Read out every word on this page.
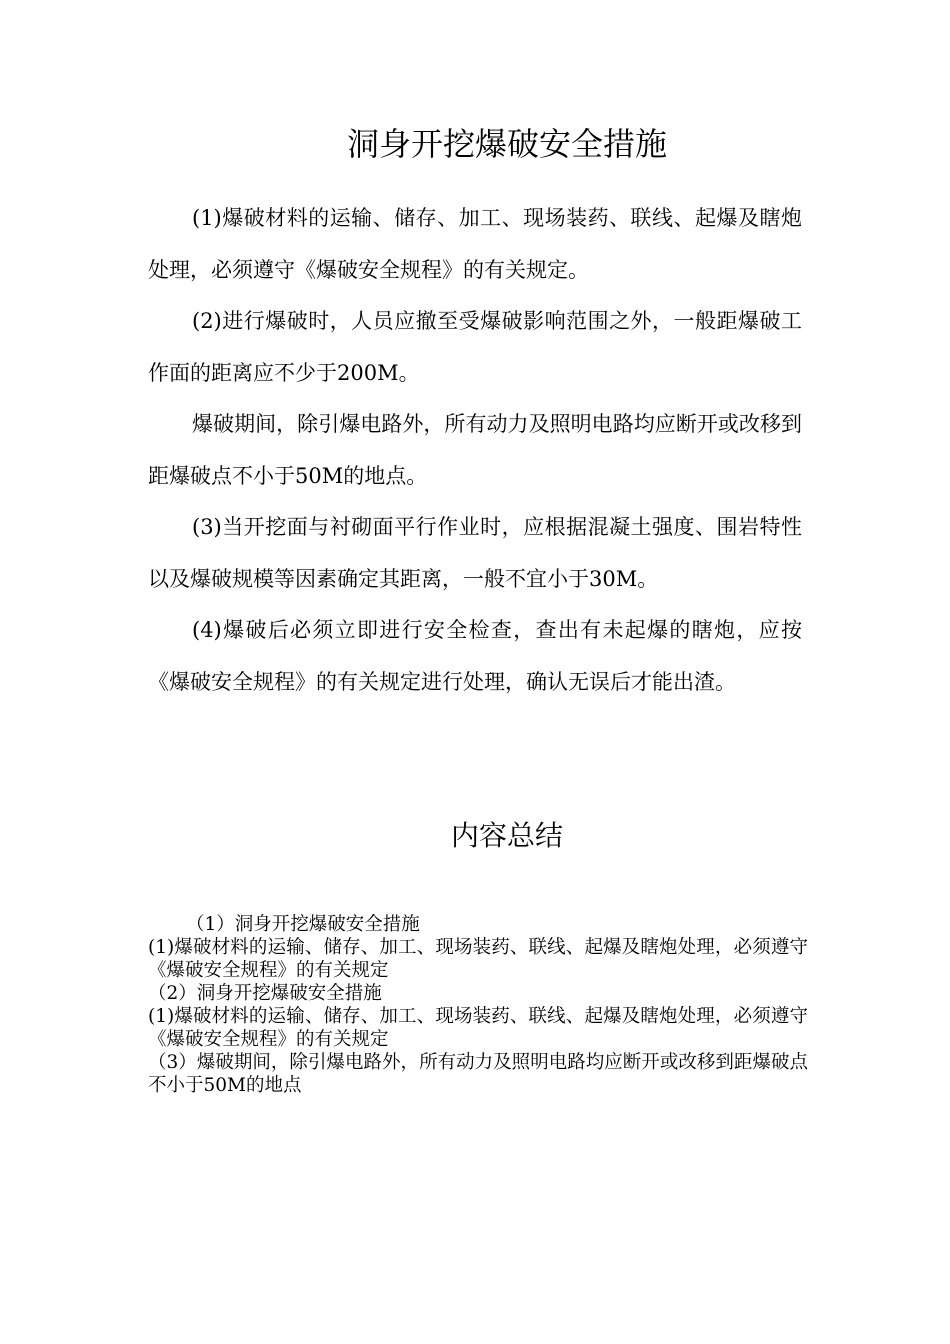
洞身开挖爆破安全措施

(1)爆破材料的运输、储存、加工、现场装药、联线、起爆及瞎炮处理，必须遵守《爆破安全规程》的有关规定。

(2)进行爆破时，人员应撤至受爆破影响范围之外，一般距爆破工作面的距离应不少于200M。

爆破期间，除引爆电路外，所有动力及照明电路均应断开或改移到距爆破点不小于50M的地点。

(3)当开挖面与衬砌面平行作业时，应根据混凝土强度、围岩特性以及爆破规模等因素确定其距离，一般不宜小于30M。

(4)爆破后必须立即进行安全检查，查出有未起爆的瞎炮，应按《爆破安全规程》的有关规定进行处理，确认无误后才能出渣。

内容总结

（1）洞身开挖爆破安全措施

(1)爆破材料的运输、储存、加工、现场装药、联线、起爆及瞎炮处理，必须遵守《爆破安全规程》的有关规定

（2）洞身开挖爆破安全措施

(1)爆破材料的运输、储存、加工、现场装药、联线、起爆及瞎炮处理，必须遵守《爆破安全规程》的有关规定

（3）爆破期间，除引爆电路外，所有动力及照明电路均应断开或改移到距爆破点不小于50M的地点
